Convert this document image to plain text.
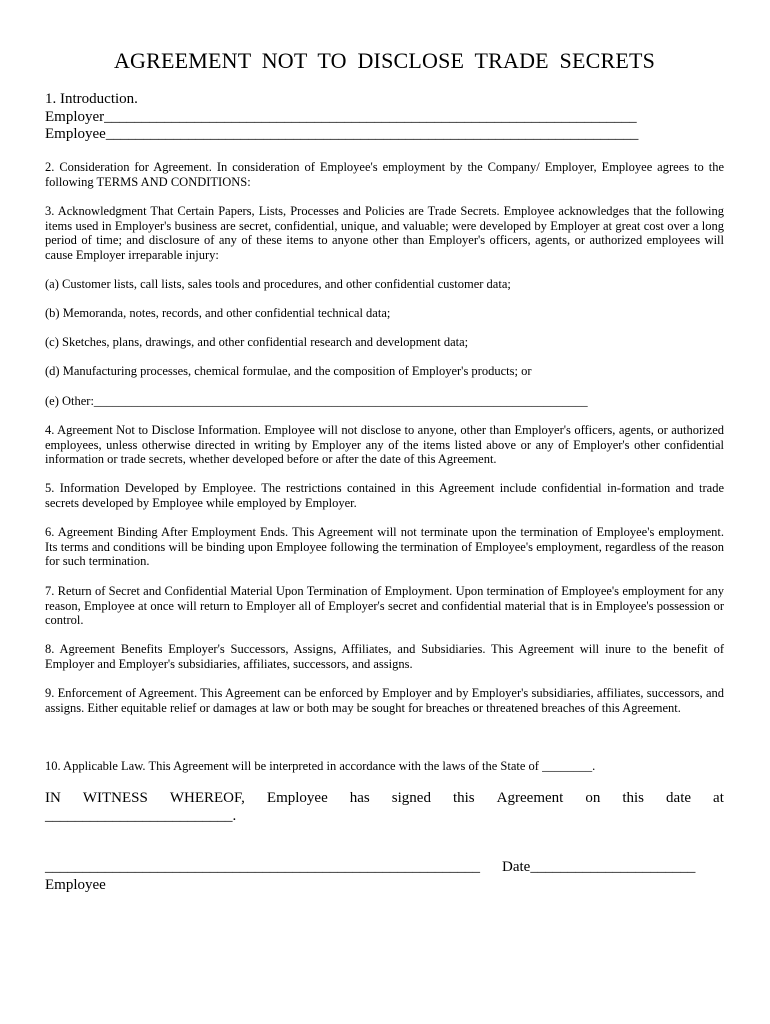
AGREEMENT NOT TO DISCLOSE TRADE SECRETS
1. Introduction.
Employer_______________________________________________________________________
Employee_______________________________________________________________________
2. Consideration for Agreement. In consideration of Employee's employment by the Company/ Employer, Employee agrees to the following TERMS AND CONDITIONS:
3. Acknowledgment That Certain Papers, Lists, Processes and Policies are Trade Secrets. Employee acknowledges that the following items used in Employer's business are secret, confidential, unique, and valuable; were developed by Employer at great cost over a long period of time; and disclosure of any of these items to anyone other than Employer's officers, agents, or authorized employees will cause Employer irreparable injury:
(a) Customer lists, call lists, sales tools and procedures, and other confidential customer data;
(b) Memoranda, notes, records, and other confidential technical data;
(c) Sketches, plans, drawings, and other confidential research and development data;
(d) Manufacturing processes, chemical formulae, and the composition of Employer's products; or
(e) Other:_______________________________________________________________________________
4. Agreement Not to Disclose Information. Employee will not disclose to anyone, other than Employer's officers, agents, or authorized employees, unless otherwise directed in writing by Employer any of the items listed above or any of Employer's other confidential information or trade secrets, whether developed before or after the date of this Agreement.
5. Information Developed by Employee. The restrictions contained in this Agreement include confidential in-formation and trade secrets developed by Employee while employed by Employer.
6. Agreement Binding After Employment Ends. This Agreement will not terminate upon the termination of Employee's employment. Its terms and conditions will be binding upon Employee following the termination of Employee's employment, regardless of the reason for such termination.
7. Return of Secret and Confidential Material Upon Termination of Employment. Upon termination of Employee's employment for any reason, Employee at once will return to Employer all of Employer's secret and confidential material that is in Employee's possession or control.
8. Agreement Benefits Employer's Successors, Assigns, Affiliates, and Subsidiaries. This Agreement will inure to the benefit of Employer and Employer's subsidiaries, affiliates, successors, and assigns.
9. Enforcement of Agreement. This Agreement can be enforced by Employer and by Employer's subsidiaries, affiliates, successors, and assigns. Either equitable relief or damages at law or both may be sought for breaches or threatened breaches of this Agreement.
10. Applicable Law. This Agreement will be interpreted in accordance with the laws of the State of ________.
IN WITNESS WHEREOF, Employee has signed this Agreement on this date at
_________________________.
__________________________________________________________	Date______________________
Employee
